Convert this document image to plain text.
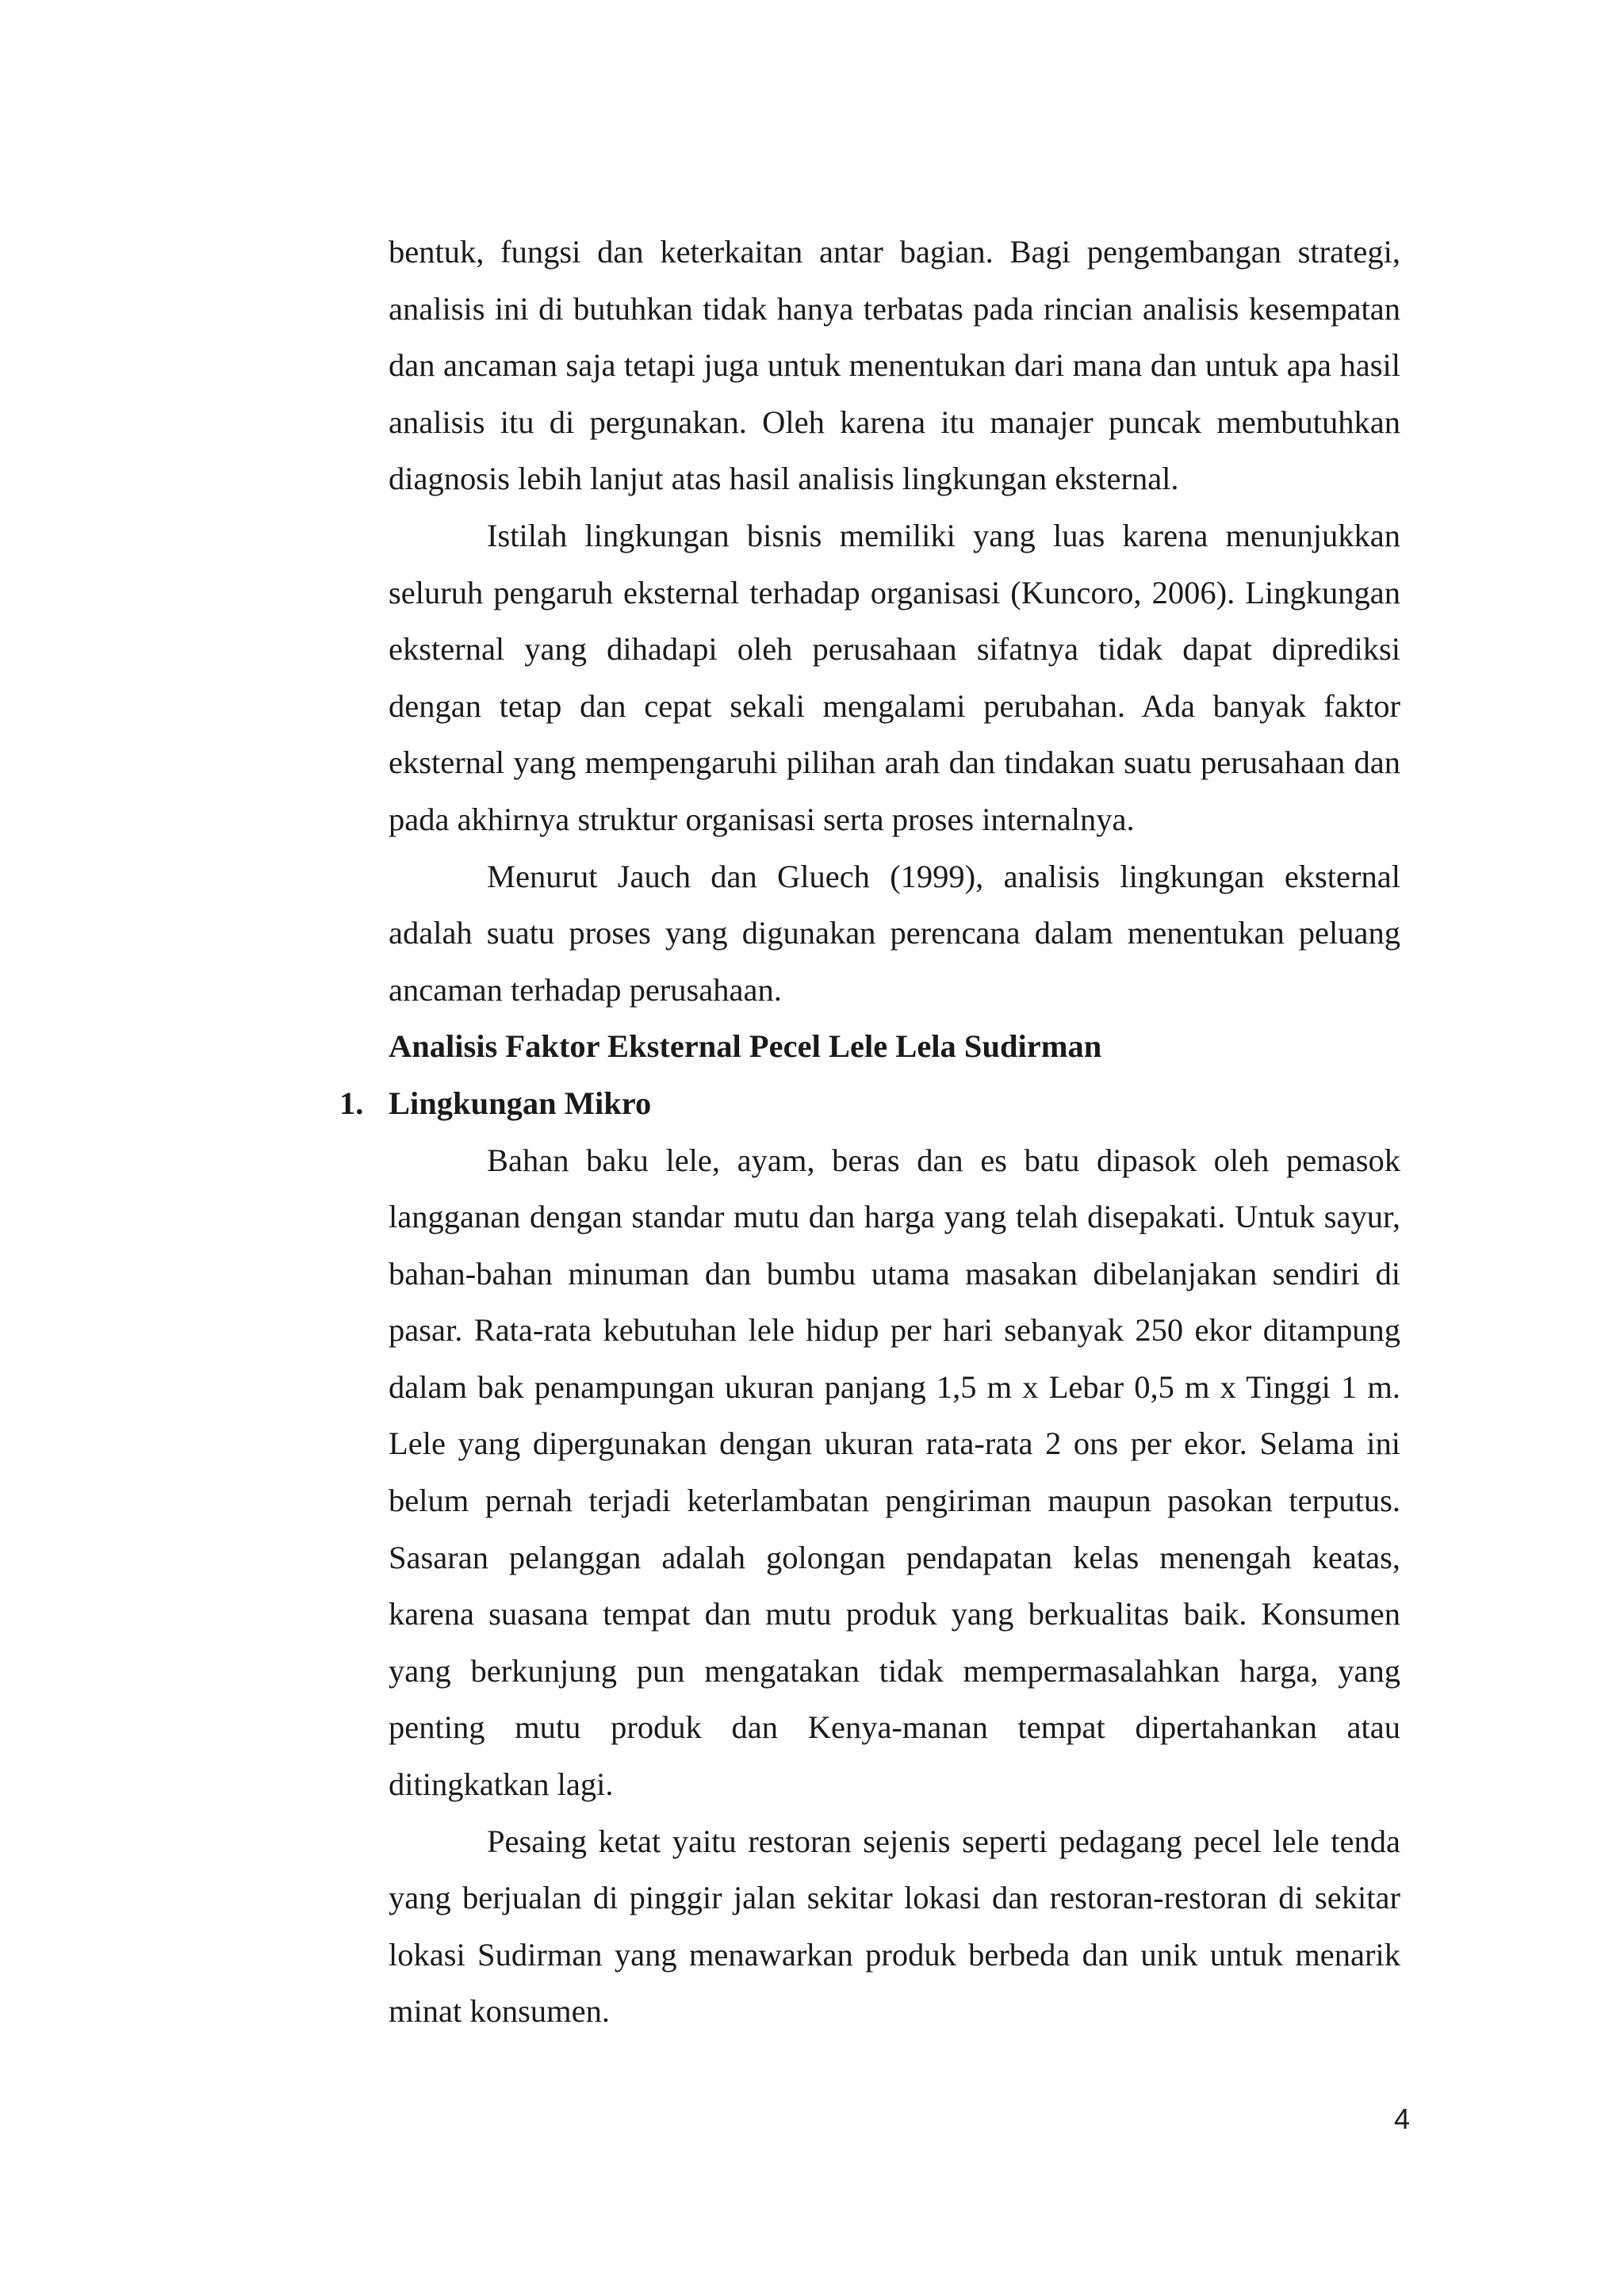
bentuk, fungsi dan keterkaitan antar bagian. Bagi pengembangan strategi, analisis ini di butuhkan tidak hanya terbatas pada rincian analisis kesempatan dan ancaman saja tetapi juga untuk menentukan dari mana dan untuk apa hasil analisis itu di pergunakan. Oleh karena itu manajer puncak membutuhkan diagnosis lebih lanjut atas hasil analisis lingkungan eksternal.

Istilah lingkungan bisnis memiliki yang luas karena menunjukkan seluruh pengaruh eksternal terhadap organisasi (Kuncoro, 2006). Lingkungan eksternal yang dihadapi oleh perusahaan sifatnya tidak dapat diprediksi dengan tetap dan cepat sekali mengalami perubahan. Ada banyak faktor eksternal yang mempengaruhi pilihan arah dan tindakan suatu perusahaan dan pada akhirnya struktur organisasi serta proses internalnya.

Menurut Jauch dan Gluech (1999), analisis lingkungan eksternal adalah suatu proses yang digunakan perencana dalam menentukan peluang ancaman terhadap perusahaan.

Analisis Faktor Eksternal Pecel Lele Lela Sudirman

1. Lingkungan Mikro

Bahan baku lele, ayam, beras dan es batu dipasok oleh pemasok langganan dengan standar mutu dan harga yang telah disepakati. Untuk sayur, bahan-bahan minuman dan bumbu utama masakan dibelanjakan sendiri di pasar. Rata-rata kebutuhan lele hidup per hari sebanyak 250 ekor ditampung dalam bak penampungan ukuran panjang 1,5 m x Lebar 0,5 m x Tinggi 1 m. Lele yang dipergunakan dengan ukuran rata-rata 2 ons per ekor. Selama ini belum pernah terjadi keterlambatan pengiriman maupun pasokan terputus. Sasaran pelanggan adalah golongan pendapatan kelas menengah keatas, karena suasana tempat dan mutu produk yang berkualitas baik. Konsumen yang berkunjung pun mengatakan tidak mempermasalahkan harga, yang penting mutu produk dan Kenya-manan tempat dipertahankan atau ditingkatkan lagi.

Pesaing ketat yaitu restoran sejenis seperti pedagang pecel lele tenda yang berjualan di pinggir jalan sekitar lokasi dan restoran-restoran di sekitar lokasi Sudirman yang menawarkan produk berbeda dan unik untuk menarik minat konsumen.

4
